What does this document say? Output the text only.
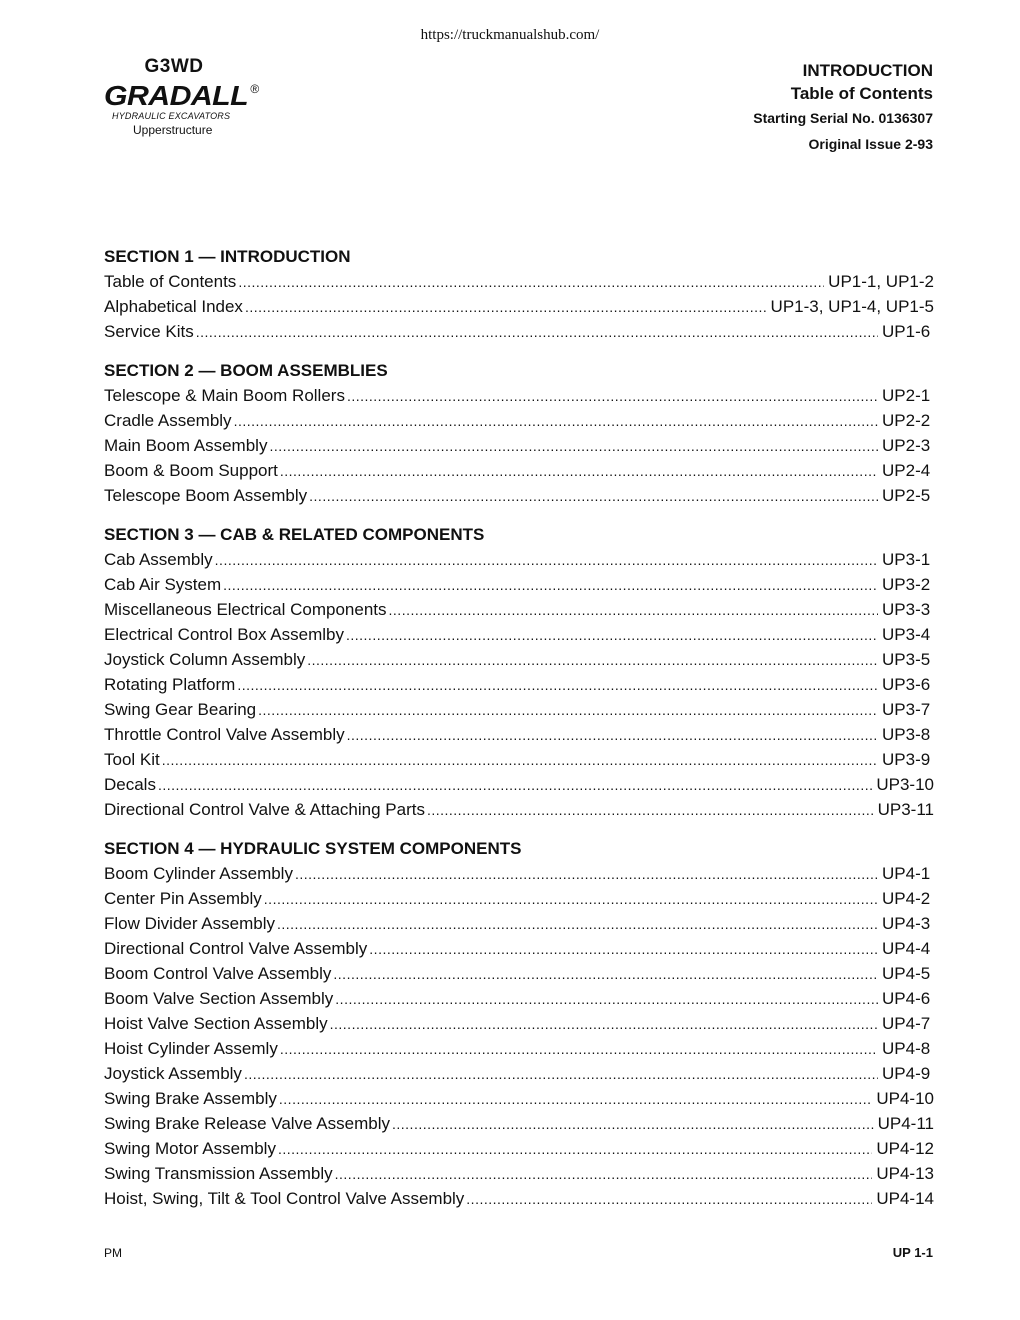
https://truckmanualshub.com/
G3WD
GRADALL ®
HYDRAULIC EXCAVATORS
Upperstructure
INTRODUCTION
Table of Contents
Starting Serial No. 0136307
Original Issue 2-93
SECTION 1 — INTRODUCTION
Table of Contents .....	UP1-1, UP1-2
Alphabetical Index .....	UP1-3, UP1-4, UP1-5
Service Kits .....	UP1-6
SECTION 2 — BOOM ASSEMBLIES
Telescope & Main Boom Rollers .....	UP2-1
Cradle Assembly .....	UP2-2
Main Boom Assembly .....	UP2-3
Boom & Boom Support .....	UP2-4
Telescope Boom Assembly .....	UP2-5
SECTION 3 — CAB & RELATED COMPONENTS
Cab Assembly .....	UP3-1
Cab Air System .....	UP3-2
Miscellaneous Electrical Components .....	UP3-3
Electrical Control Box Assemlby .....	UP3-4
Joystick Column Assembly .....	UP3-5
Rotating Platform .....	UP3-6
Swing Gear Bearing .....	UP3-7
Throttle Control Valve Assembly .....	UP3-8
Tool Kit .....	UP3-9
Decals .....	UP3-10
Directional Control Valve & Attaching Parts .....	UP3-11
SECTION 4 — HYDRAULIC SYSTEM COMPONENTS
Boom Cylinder Assembly .....	UP4-1
Center Pin Assembly .....	UP4-2
Flow Divider Assembly .....	UP4-3
Directional Control Valve Assembly .....	UP4-4
Boom Control Valve Assembly .....	UP4-5
Boom Valve Section Assembly .....	UP4-6
Hoist Valve Section Assembly .....	UP4-7
Hoist Cylinder Assemly .....	UP4-8
Joystick Assembly .....	UP4-9
Swing Brake Assembly .....	UP4-10
Swing Brake Release Valve Assembly .....	UP4-11
Swing Motor Assembly .....	UP4-12
Swing Transmission Assembly .....	UP4-13
Hoist, Swing, Tilt & Tool Control Valve Assembly .....	UP4-14
PM	UP 1-1
